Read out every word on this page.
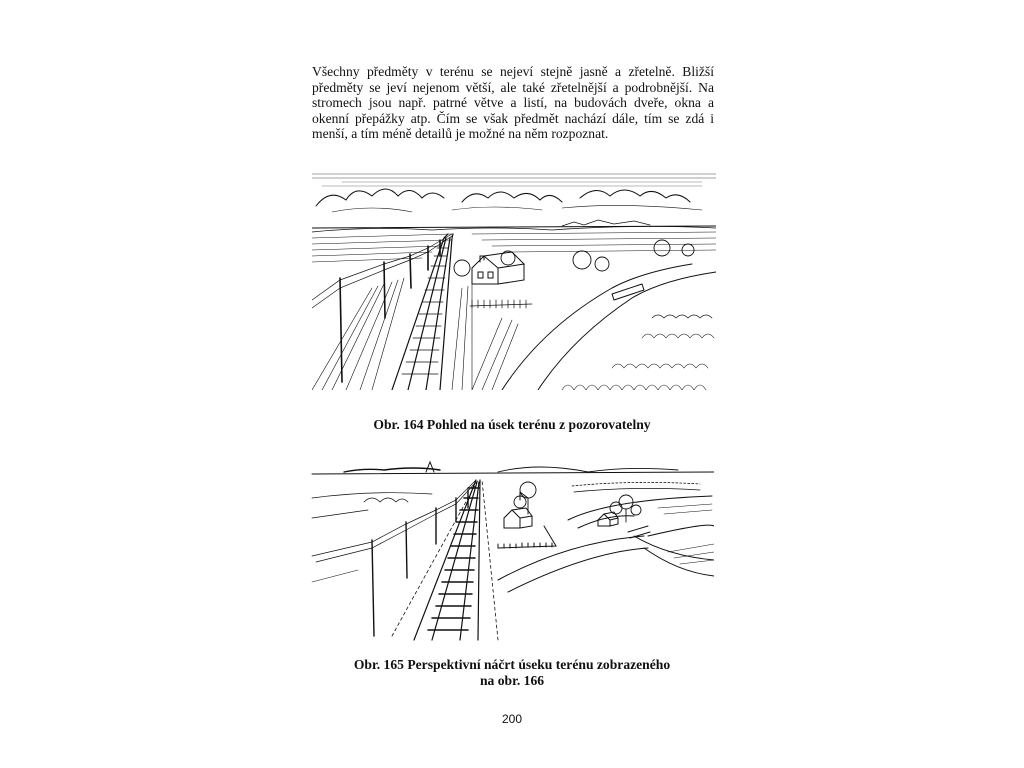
Všechny předměty v terénu se nejeví stejně jasně a zřetelně. Bližší předměty se jeví nejenom větší, ale také zřetelnější a podrobnější. Na stromech jsou např. patrné větve a listí, na budovách dveře, okna a okenní přepážky atp. Čím se však předmět nachází dále, tím se zdá i menší, a tím méně detailů je možné na něm rozpoznat.

Obr. 164 Pohled na úsek terénu z pozorovatelny

Obr. 165 Perspektivní náčrt úseku terénu zobrazeného
na obr. 166

200
